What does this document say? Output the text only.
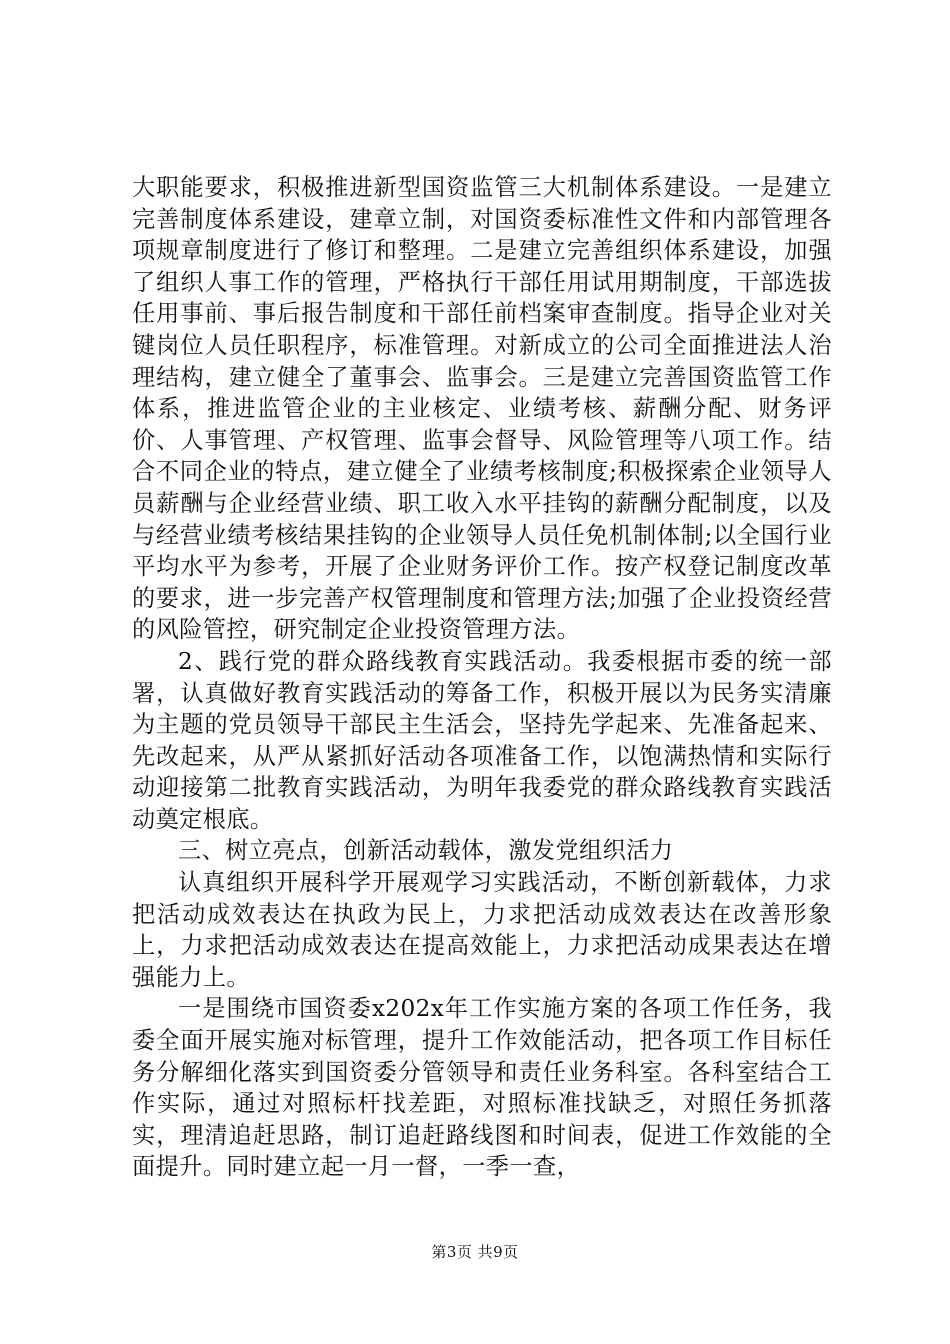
大职能要求，积极推进新型国资监管三大机制体系建设。一是建立完善制度体系建设，建章立制，对国资委标准性文件和内部管理各项规章制度进行了修订和整理。二是建立完善组织体系建设，加强了组织人事工作的管理，严格执行干部任用试用期制度，干部选拔任用事前、事后报告制度和干部任前档案审查制度。指导企业对关键岗位人员任职程序，标准管理。对新成立的公司全面推进法人治理结构，建立健全了董事会、监事会。三是建立完善国资监管工作体系，推进监管企业的主业核定、业绩考核、薪酬分配、财务评价、人事管理、产权管理、监事会督导、风险管理等八项工作。结合不同企业的特点，建立健全了业绩考核制度;积极探索企业领导人员薪酬与企业经营业绩、职工收入水平挂钩的薪酬分配制度，以及与经营业绩考核结果挂钩的企业领导人员任免机制体制;以全国行业平均水平为参考，开展了企业财务评价工作。按产权登记制度改革的要求，进一步完善产权管理制度和管理方法;加强了企业投资经营的风险管控，研究制定企业投资管理方法。

2、践行党的群众路线教育实践活动。我委根据市委的统一部署，认真做好教育实践活动的筹备工作，积极开展以为民务实清廉为主题的党员领导干部民主生活会，坚持先学起来、先准备起来、先改起来，从严从紧抓好活动各项准备工作，以饱满热情和实际行动迎接第二批教育实践活动，为明年我委党的群众路线教育实践活动奠定根底。

三、树立亮点，创新活动载体，激发党组织活力

认真组织开展科学开展观学习实践活动，不断创新载体，力求把活动成效表达在执政为民上，力求把活动成效表达在改善形象上，力求把活动成效表达在提高效能上，力求把活动成果表达在增强能力上。

一是围绕市国资委x202x年工作实施方案的各项工作任务，我委全面开展实施对标管理，提升工作效能活动，把各项工作目标任务分解细化落实到国资委分管领导和责任业务科室。各科室结合工作实际，通过对照标杆找差距，对照标准找缺乏，对照任务抓落实，理清追赶思路，制订追赶路线图和时间表，促进工作效能的全面提升。同时建立起一月一督，一季一查，

第3页 共9页
